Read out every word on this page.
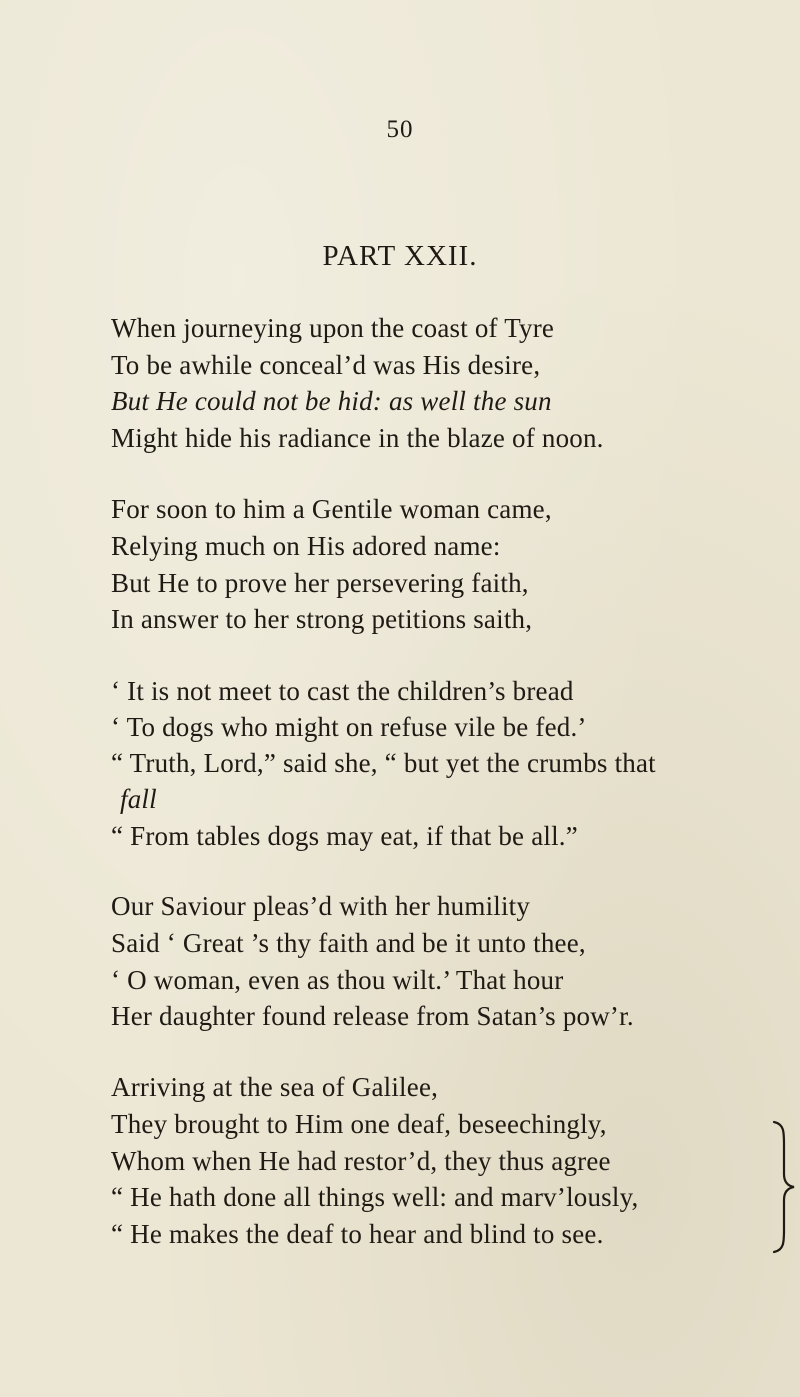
50
PART XXII.
When journeying upon the coast of Tyre
To be awhile conceal’d was His desire,
But He could not be hid: as well the sun
Might hide his radiance in the blaze of noon.
For soon to him a Gentile woman came,
Relying much on His adored name:
But He to prove her persevering faith,
In answer to her strong petitions saith,
‘ It is not meet to cast the children’s bread
‘ To dogs who might on refuse vile be fed.’
“ Truth, Lord,” said she, “ but yet the crumbs that
fall
“ From tables dogs may eat, if that be all.”
Our Saviour pleas’d with her humility
Said ‘ Great ’s thy faith and be it unto thee,
‘ O woman, even as thou wilt.’ That hour
Her daughter found release from Satan’s pow’r.
Arriving at the sea of Galilee,
They brought to Him one deaf, beseechingly,
Whom when He had restor’d, they thus agree
“ He hath done all things well: and marv’lously,
“ He makes the deaf to hear and blind to see.
